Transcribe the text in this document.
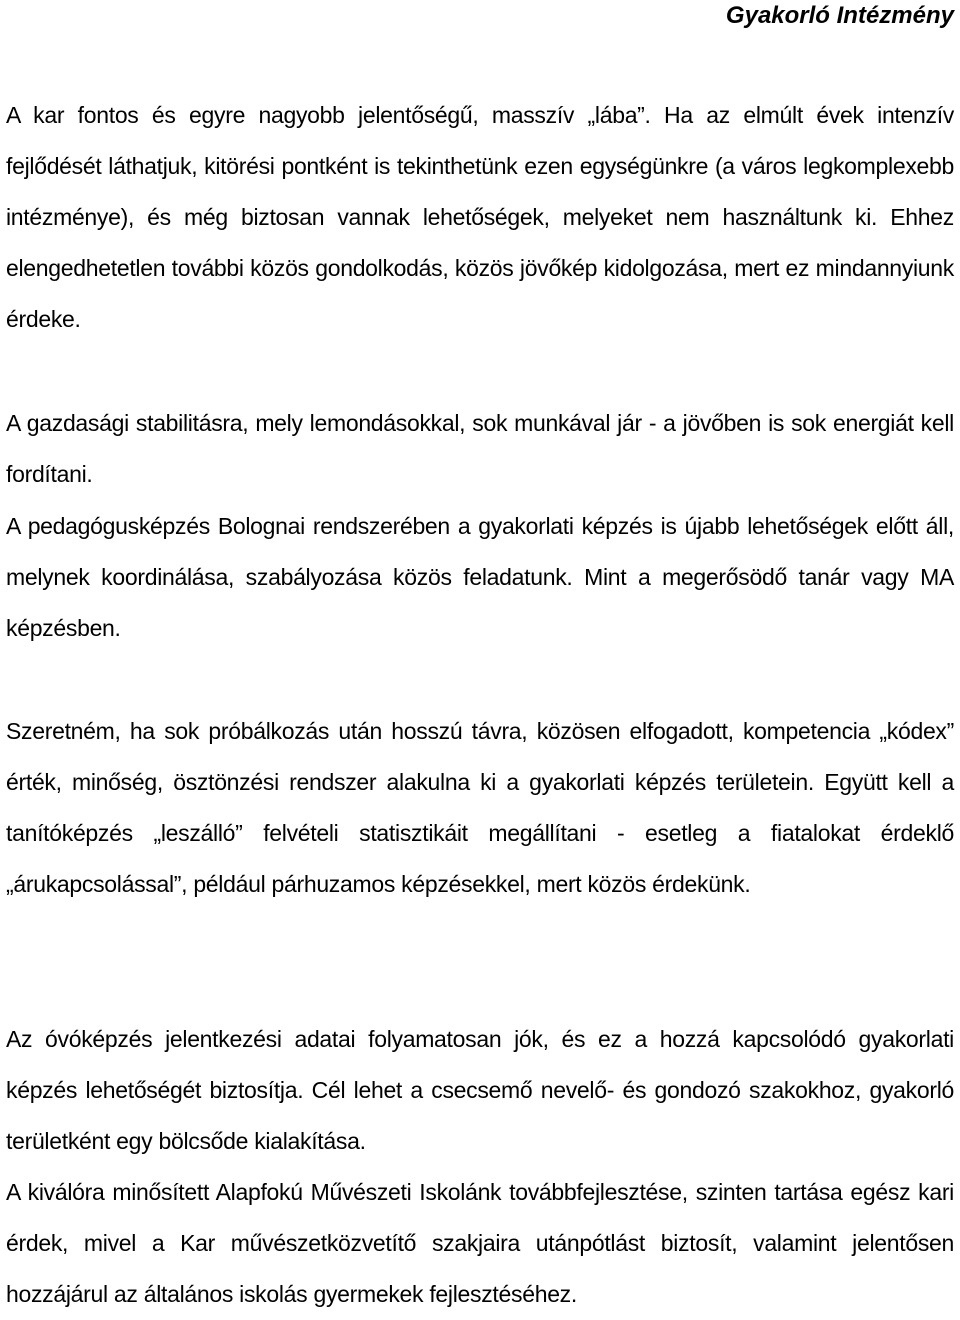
Gyakorló Intézmény

A kar fontos és egyre nagyobb jelentőségű, masszív „lába”. Ha az elmúlt évek intenzív fejlődését láthatjuk, kitörési pontként is tekinthetünk ezen egységünkre (a város legkomplexebb intézménye), és még biztosan vannak lehetőségek, melyeket nem használtunk ki. Ehhez elengedhetetlen további közös gondolkodás, közös jövőkép kidolgozása, mert ez mindannyiunk érdeke.

A gazdasági stabilitásra, mely lemondásokkal, sok munkával jár - a jövőben is sok energiát kell fordítani.

A pedagógusképzés Bolognai rendszerében a gyakorlati képzés is újabb lehetőségek előtt áll, melynek koordinálása, szabályozása közös feladatunk. Mint a megerősödő tanár vagy MA képzésben.

Szeretném, ha sok próbálkozás után hosszú távra, közösen elfogadott, kompetencia „kódex” érték, minőség, ösztönzési rendszer alakulna ki a gyakorlati képzés területein. Együtt kell a tanítóképzés „leszálló” felvételi statisztikáit megállítani - esetleg a fiatalokat érdeklő „árukapcsolással”, például párhuzamos képzésekkel, mert közös érdekünk.

Az óvóképzés jelentkezési adatai folyamatosan jók, és ez a hozzá kapcsolódó gyakorlati képzés lehetőségét biztosítja. Cél lehet a csecsemő nevelő- és gondozó szakokhoz, gyakorló területként egy bölcsőde kialakítása.

A kiválóra minősített Alapfokú Művészeti Iskolánk továbbfejlesztése, szinten tartása egész kari érdek, mivel a Kar művészetközvetítő szakjaira utánpótlást biztosít, valamint jelentősen hozzájárul az általános iskolás gyermekek fejlesztéséhez.
